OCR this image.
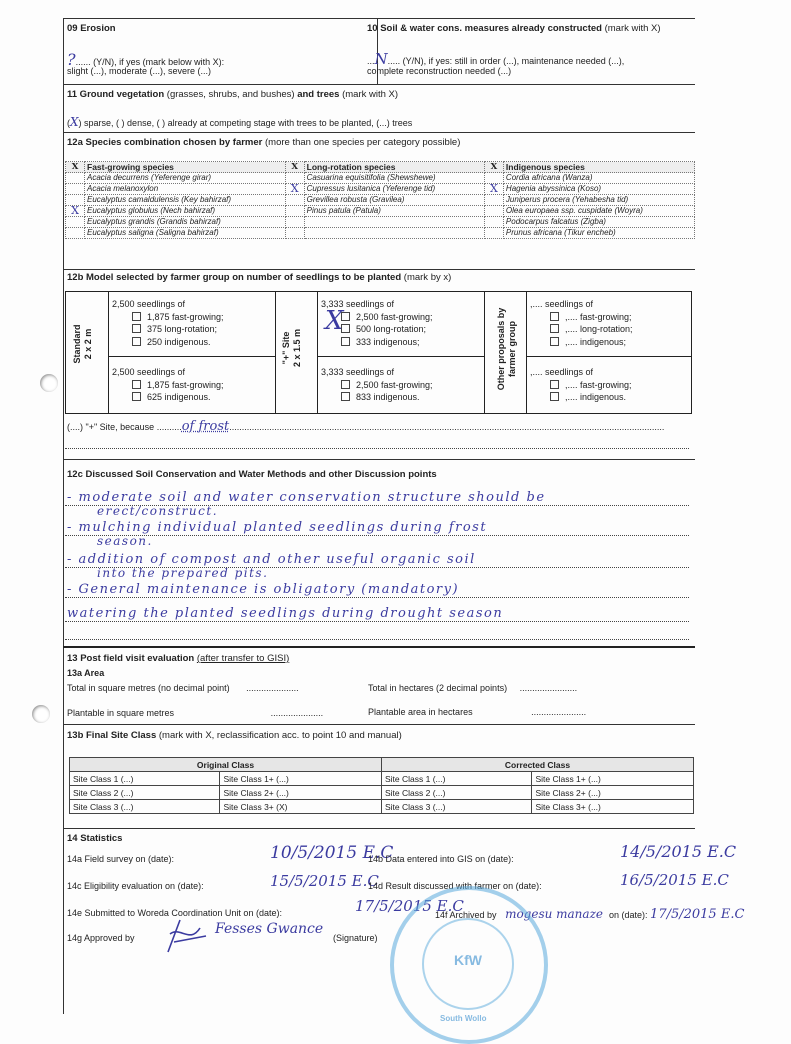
09 Erosion
?...... (Y/N), if yes (mark below with X):
slight (...), moderate (...), severe (...)
10 Soil & water cons. measures already constructed (mark with X)
...N..... (Y/N), if yes: still in order (...), maintenance needed (...),
complete reconstruction needed (...)
11 Ground vegetation (grasses, shrubs, and bushes) and trees (mark with X)
(X) sparse, ( ) dense, ( ) already at competing stage with trees to be planted, (...) trees
12a Species combination chosen by farmer (more than one species per category possible)
X	Fast-growing species	X	Long-rotation species	X	Indigenous species
	Acacia decurrens (Yeferenge girar)		Casuarina equisitifolia (Shewshewe)		Cordia africana (Wanza)
	Acacia melanoxylon	X	Cupressus lusitanica (Yeferenge tid)	X	Hagenia abyssinica (Koso)
	Eucalyptus camaldulensis (Key bahirzaf)		Grevillea robusta (Gravilea)		Juniperus procera (Yehabesha tid)
X	Eucalyptus globulus (Nech bahirzaf)		Pinus patula (Patula)		Olea europaea ssp. cuspidate (Woyra)
	Eucalyptus grandis (Grandis bahirzaf)				Podocarpus falcatus (Zigba)
	Eucalyptus saligna (Saligna bahirzaf)				Prunus africana (Tikur encheb)
12b Model selected by farmer group on number of seedlings to be planted (mark by x)
Standard 2 x 2 m
2,500 seedlings of
1,875 fast-growing;
375 long-rotation;
250 indigenous.
2,500 seedlings of
1,875 fast-growing;
625 indigenous.
"+" Site 2 x 1.5 m
X
3,333 seedlings of
2,500 fast-growing;
500 long-rotation;
333 indigenous;
3,333 seedlings of
2,500 fast-growing;
833 indigenous.
Other proposals by farmer group
,.... seedlings of
,.... fast-growing;
,.... long-rotation;
,.... indigenous;
,.... seedlings of
,.... fast-growing;
,.... indigenous.
(....) "+" Site, because ..........of frost..............................................................................................................................................................................
12c Discussed Soil Conservation and Water Methods and other Discussion points
- moderate soil and water conservation structure should be
erect/construct.
- mulching individual planted seedlings during frost
season.
- addition of compost and other useful organic soil
into the prepared pits.
- General maintenance is obligatory (mandatory)
watering the planted seedlings during drought season
13 Post field visit evaluation (after transfer to GISI)
13a Area
Total in square metres (no decimal point) .....................	Total in hectares (2 decimal points) .......................
Plantable in square metres	.....................	Plantable area in hectares	......................
13b Final Site Class (mark with X, reclassification acc. to point 10 and manual)
Original Class		Corrected Class	
Site Class 1 (...)	Site Class 1+ (...)	Site Class 1 (...)	Site Class 1+ (...)
Site Class 2 (...)	Site Class 2+ (...)	Site Class 2 (...)	Site Class 2+ (...)
Site Class 3 (...)	Site Class 3+ (X)	Site Class 3 (...)	Site Class 3+ (...)
14 Statistics
14a Field survey on (date):	10/5/2015 E.C
14b Data entered into GIS on (date):	14/5/2015 E.C
14c Eligibility evaluation on (date):	15/5/2015 E.C
14d Result discussed with farmer on (date):	16/5/2015 E.C
14e Submitted to Woreda Coordination Unit on (date):	17/5/2015 E.C
14f Archived by mogesu manaze on (date): 17/5/2015 E.C
14g Approved by
Fesses Gwance
(Signature)
KfW
South Wollo
